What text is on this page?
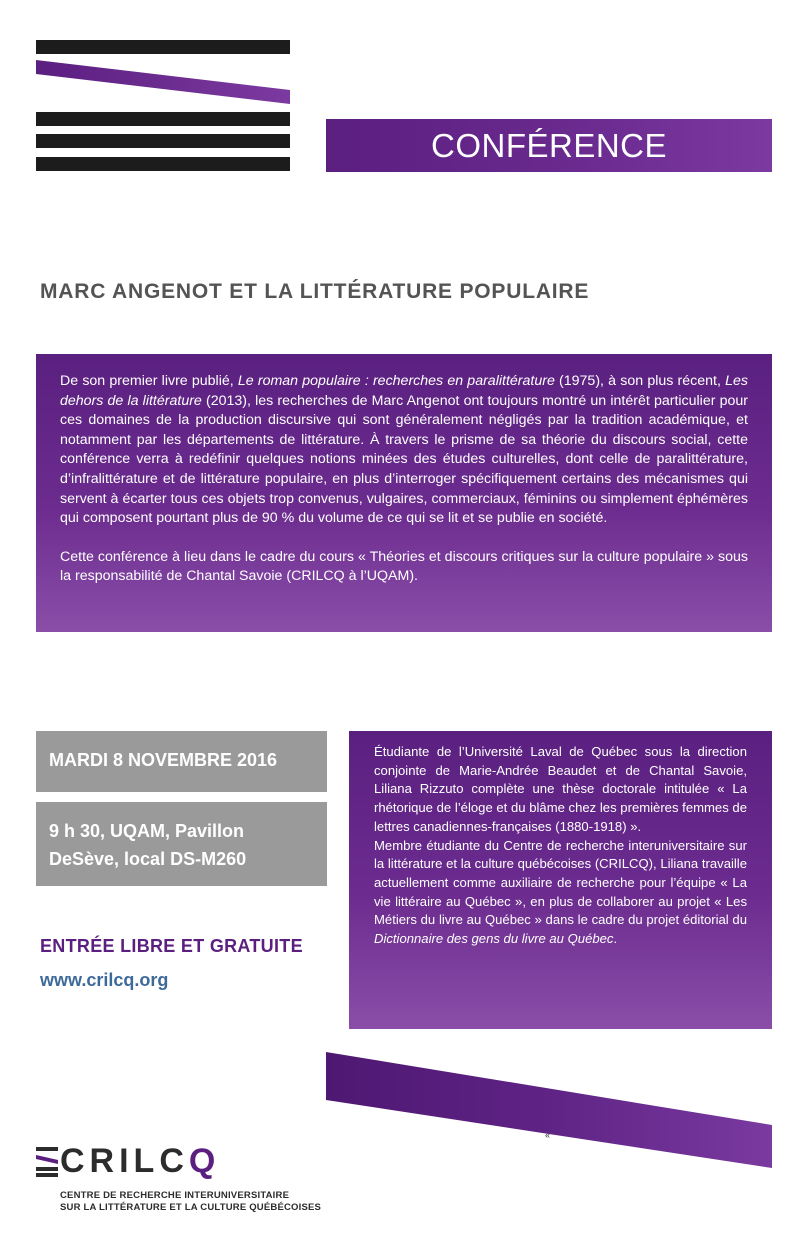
CONFÉRENCE
MARC ANGENOT ET LA LITTÉRATURE POPULAIRE

De son premier livre publié, Le roman populaire : recherches en paralittérature (1975), à son plus récent, Les dehors de la littérature (2013), les recherches de Marc Angenot ont toujours montré un intérêt particulier pour ces domaines de la production discursive qui sont généralement négligés par la tradition académique, et notamment par les départements de littérature. À travers le prisme de sa théorie du discours social, cette conférence verra à redéfinir quelques notions minées des études culturelles, dont celle de paralittérature, d’infralittérature et de littérature populaire, en plus d’interroger spécifiquement certains des mécanismes qui servent à écarter tous ces objets trop convenus, vulgaires, commerciaux, féminins ou simplement éphémères qui composent pourtant plus de 90 % du volume de ce qui se lit et se publie en société.

Cette conférence à lieu dans le cadre du cours « Théories et discours critiques sur la culture populaire » sous la responsabilité de Chantal Savoie (CRILCQ à l’UQAM).

MARDI 8 NOVEMBRE 2016
9 h 30, UQAM, Pavillon
DeSève, local DS-M260
ENTRÉE LIBRE ET GRATUITE
www.crilcq.org

Étudiante de l’Université Laval de Québec sous la direction conjointe de Marie-Andrée Beaudet et de Chantal Savoie, Liliana Rizzuto complète une thèse doctorale intitulée « La rhétorique de l’éloge et du blâme chez les premières femmes de lettres canadiennes-françaises (1880-1918) ».

Membre étudiante du Centre de recherche interuniversitaire sur la littérature et la culture québécoises (CRILCQ), Liliana travaille actuellement comme auxiliaire de recherche pour l’équipe « La vie littéraire au Québec », en plus de collaborer au projet « Les Métiers du livre au Québec » dans le cadre du projet éditorial du Dictionnaire des gens du livre au Québec.

«
CRILCQ
CENTRE DE RECHERCHE INTERUNIVERSITAIRE
SUR LA LITTÉRATURE ET LA CULTURE QUÉBÉCOISES
